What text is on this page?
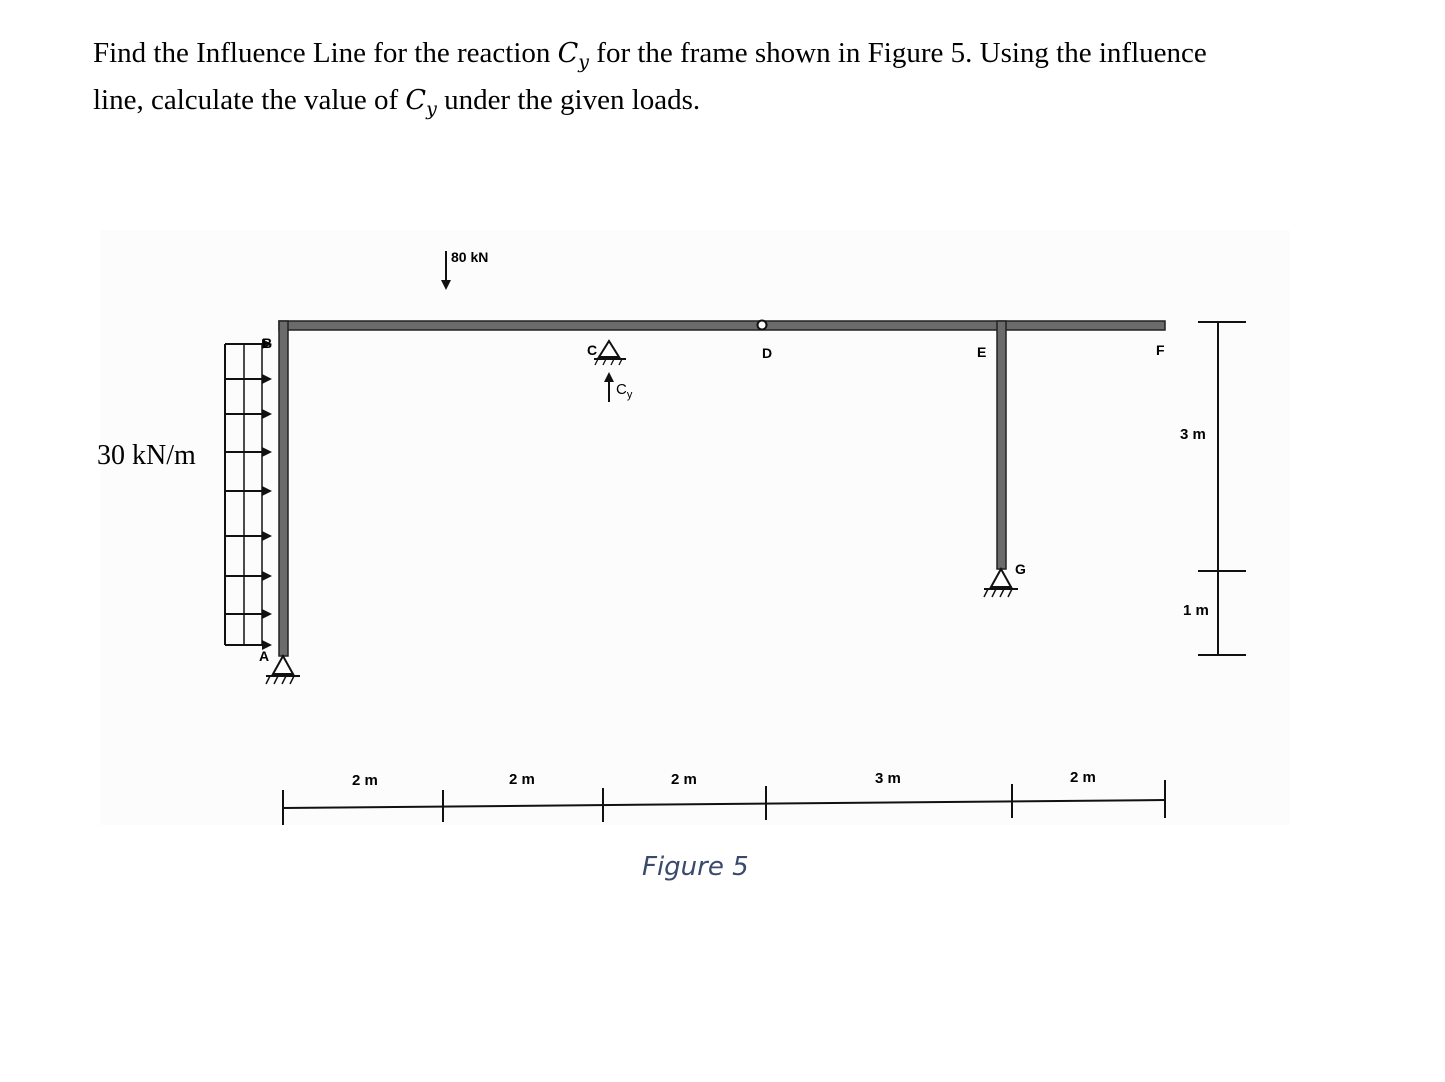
Find the Influence Line for the reaction $C_y$ for the frame shown in Figure 5. Using the influence
line, calculate the value of $C_y$ under the given loads.

80 kN
30 kN/m
B
A
C	D	E	F
G
$C_y$
2 m	2 m	2 m	3 m	2 m
3 m
1 m
Figure 5
